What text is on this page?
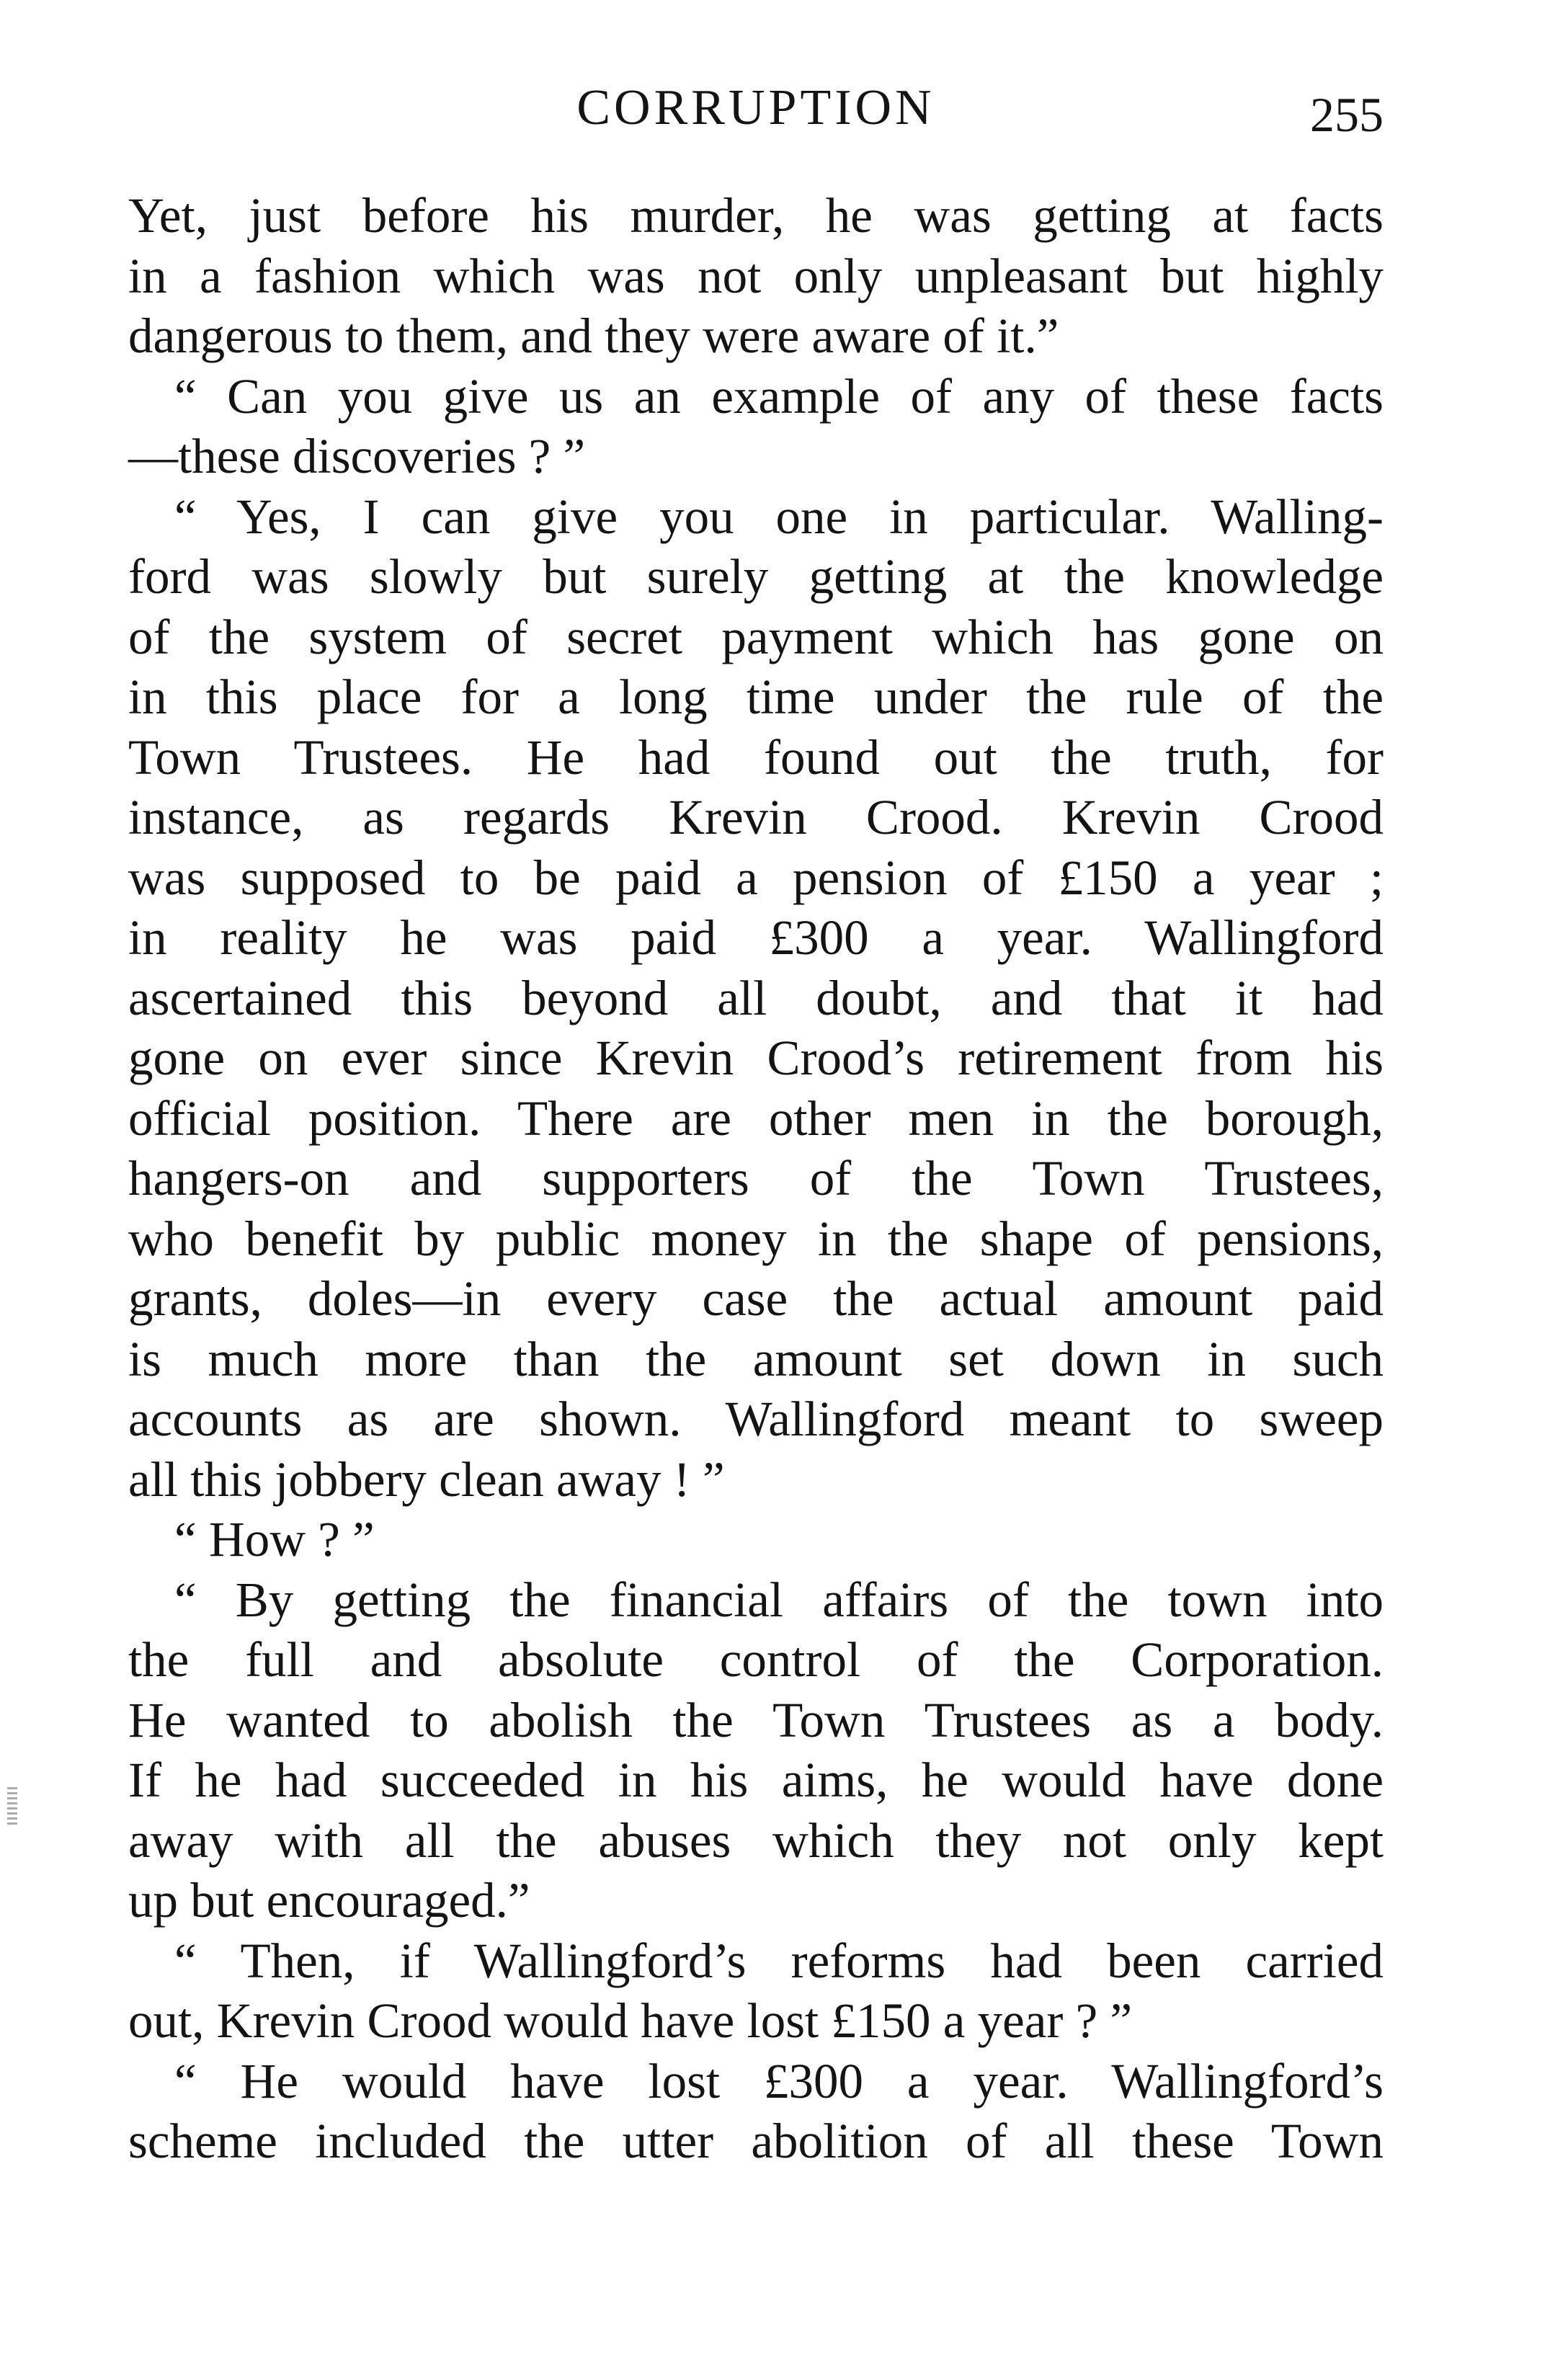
CORRUPTION	255
Yet, just before his murder, he was getting at facts
in a fashion which was not only unpleasant but highly
dangerous to them, and they were aware of it.”
“ Can you give us an example of any of these facts
—these discoveries ? ”
“ Yes, I can give you one in particular. Walling-
ford was slowly but surely getting at the knowledge
of the system of secret payment which has gone on
in this place for a long time under the rule of the
Town Trustees. He had found out the truth, for
instance, as regards Krevin Crood. Krevin Crood
was supposed to be paid a pension of £150 a year ;
in reality he was paid £300 a year. Wallingford
ascertained this beyond all doubt, and that it had
gone on ever since Krevin Crood’s retirement from his
official position. There are other men in the borough,
hangers-on and supporters of the Town Trustees,
who benefit by public money in the shape of pensions,
grants, doles—in every case the actual amount paid
is much more than the amount set down in such
accounts as are shown. Wallingford meant to sweep
all this jobbery clean away ! ”
“ How ? ”
“ By getting the financial affairs of the town into
the full and absolute control of the Corporation.
He wanted to abolish the Town Trustees as a body.
If he had succeeded in his aims, he would have done
away with all the abuses which they not only kept
up but encouraged.”
“ Then, if Wallingford’s reforms had been carried
out, Krevin Crood would have lost £150 a year ? ”
“ He would have lost £300 a year. Wallingford’s
scheme included the utter abolition of all these Town
